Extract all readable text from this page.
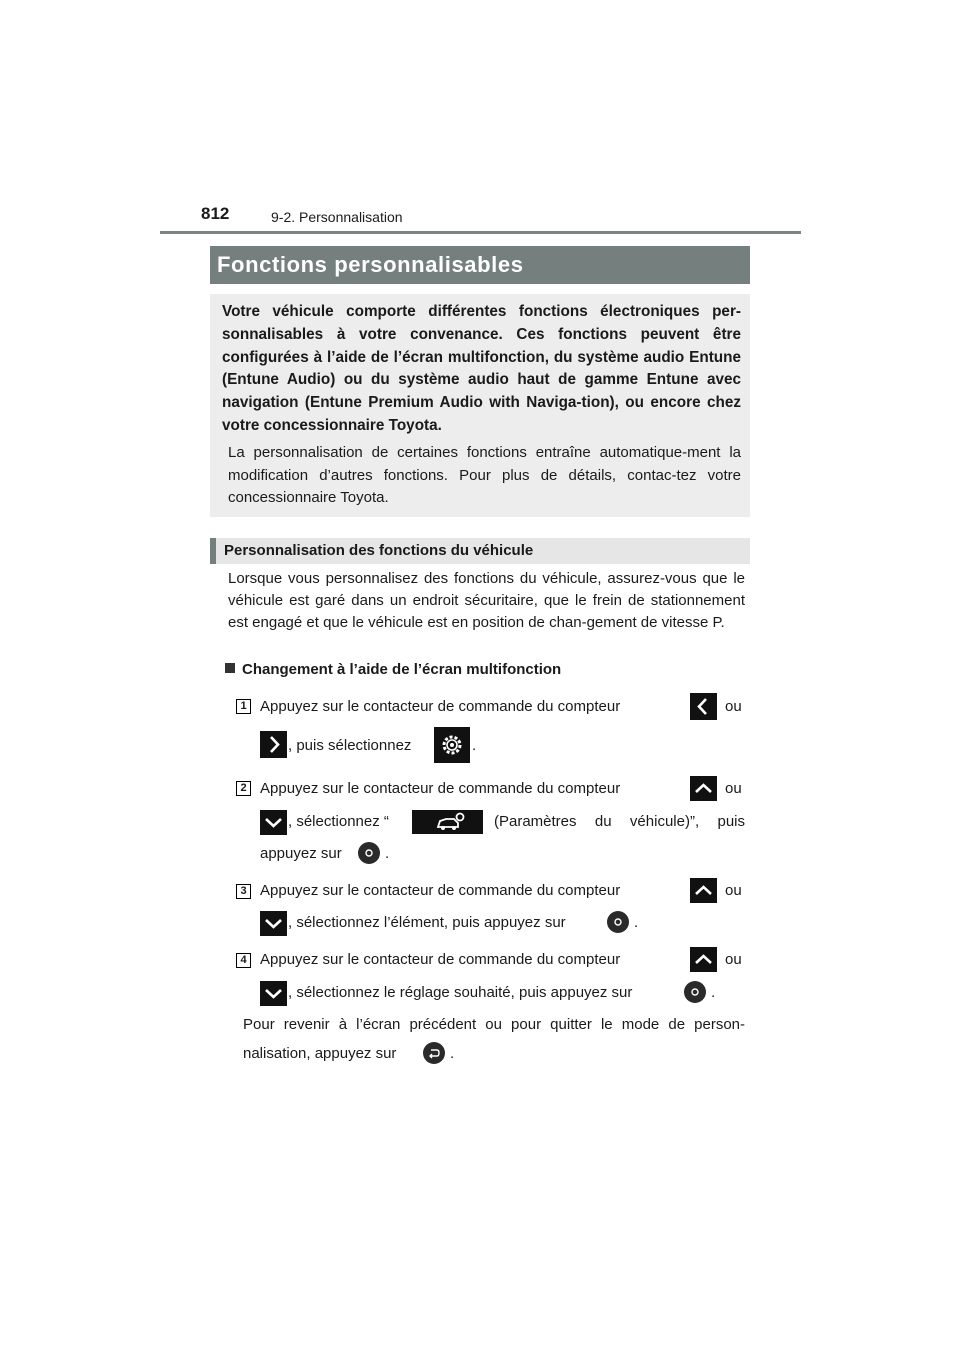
812	9-2. Personnalisation
Fonctions personnalisables

Votre véhicule comporte différentes fonctions électroniques per-sonnalisables à votre convenance. Ces fonctions peuvent être configurées à l’aide de l’écran multifonction, du système audio Entune (Entune Audio) ou du système audio haut de gamme Entune avec navigation (Entune Premium Audio with Naviga-tion), ou encore chez votre concessionnaire Toyota.

La personnalisation de certaines fonctions entraîne automatique-ment la modification d’autres fonctions. Pour plus de détails, contac-tez votre concessionnaire Toyota.

Personnalisation des fonctions du véhicule

Lorsque vous personnalisez des fonctions du véhicule, assurez-vous que le véhicule est garé dans un endroit sécuritaire, que le frein de stationnement est engagé et que le véhicule est en position de chan-gement de vitesse P.

Changement à l’aide de l’écran multifonction
1 Appuyez sur le contacteur de commande du compteur	ou
, puis sélectionnez	.
2 Appuyez sur le contacteur de commande du compteur	ou
, sélectionnez “	(Paramètres du véhicule)”, puis
appuyez sur	.
3 Appuyez sur le contacteur de commande du compteur	ou
, sélectionnez l’élément, puis appuyez sur	.
4 Appuyez sur le contacteur de commande du compteur	ou
, sélectionnez le réglage souhaité, puis appuyez sur	.
Pour revenir à l’écran précédent ou pour quitter le mode de person-
nalisation, appuyez sur	.
